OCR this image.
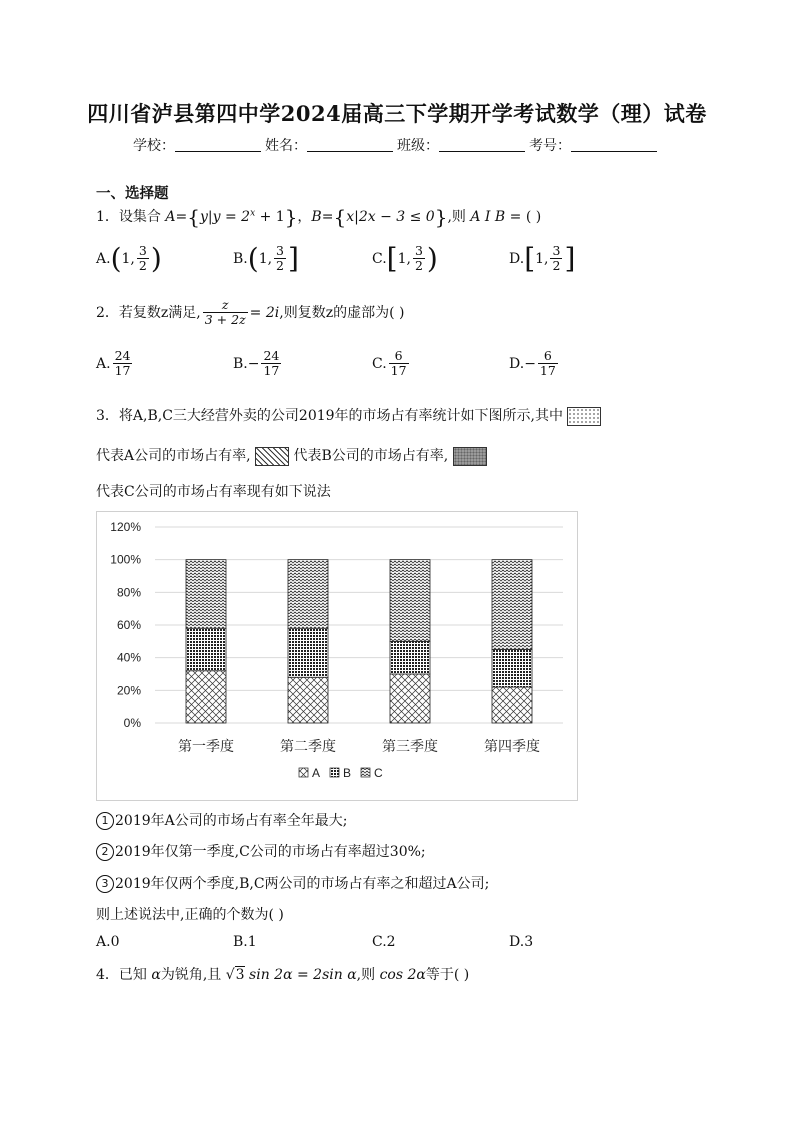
四川省泸县第四中学2024届高三下学期开学考试数学（理）试卷
学校：	姓名：	班级：	考号：
一、选择题
1．设集合 $A=\{y|y = 2^x + 1\}$，B={x|2x − 3 ≤ 0},则 A I B = ( )
A.(1, $\frac{3}{2}$ )	B.(1, $\frac{3}{2}$ ]	C.[1, $\frac{3}{2}$ )	D.[1, $\frac{3}{2}$ ]
2．若复数z满足, $\frac{z}{3 + 2z} = 2i$,则复数z的虚部为( )
A. $\frac{24}{17}$	$B.- \frac{24}{17}$	C. $\frac{6}{17}$	$D.- \frac{6}{17}$
3．将A,B,C三大经营外卖的公司2019年的市场占有率统计如下图所示,其中
代表A公司的市场占有率,	代表B公司的市场占有率,
代表C公司的市场占有率现有如下说法
0%
20%
40%
60%
80%
100%
120%
第一季度	第二季度	第三季度	第四季度
A B C
1 2019年A公司的市场占有率全年最大;
2 2019年仅第一季度,C公司的市场占有率超过30%;
3 2019年仅两个季度,B,C两公司的市场占有率之和超过A公司;
则上述说法中,正确的个数为( )
A.0	B.1	C.2	D.3
4．已知 α为锐角,且 √3 sin 2α = 2sin α,则 cos 2α等于( )
